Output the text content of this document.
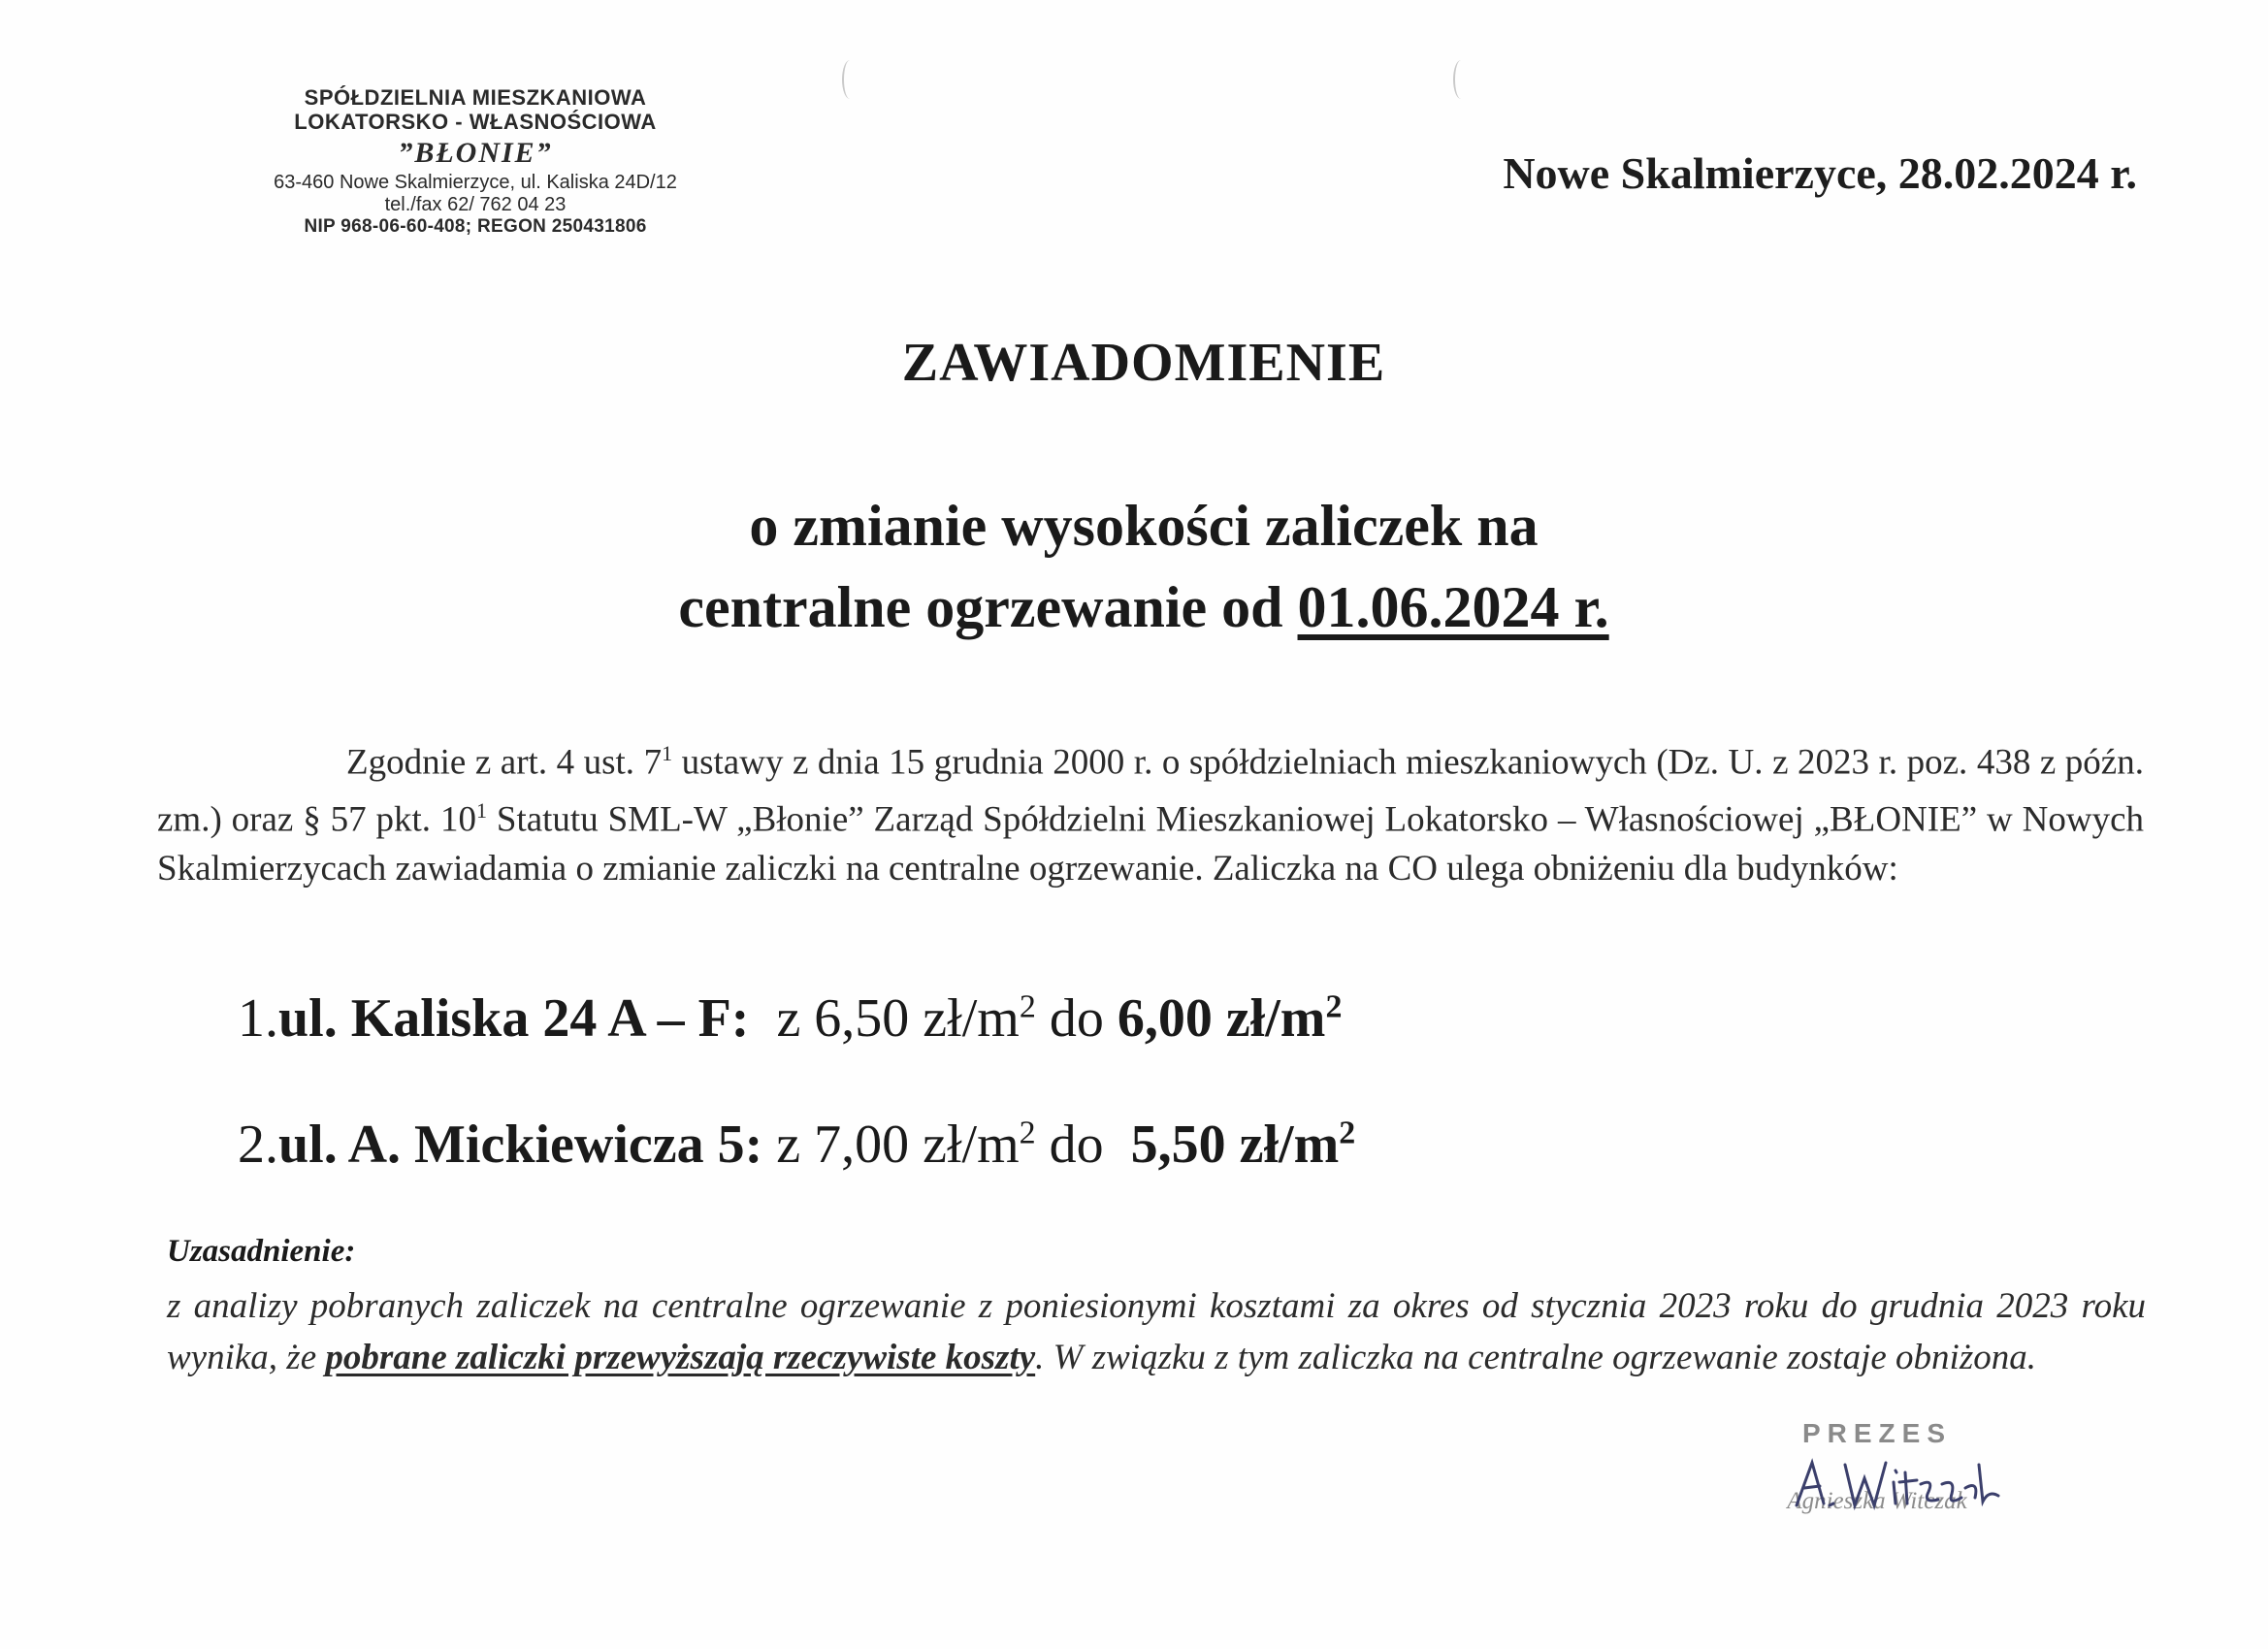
SPÓŁDZIELNIA MIESZKANIOWA
LOKATORSKO - WŁASNOŚCIOWA
”BŁONIE”
63-460 Nowe Skalmierzyce, ul. Kaliska 24D/12
tel./fax 62/ 762 04 23
NIP 968-06-60-408; REGON 250431806
Nowe Skalmierzyce, 28.02.2024 r.
ZAWIADOMIENIE
o zmianie wysokości zaliczek na
centralne ogrzewanie od 01.06.2024 r.
Zgodnie z art. 4 ust. $7^1$ ustawy z dnia 15 grudnia 2000 r. o spółdzielniach mieszkaniowych (Dz. U. z 2023 r. poz. 438 z późn. zm.) oraz § 57 pkt. $10^1$ Statutu SML-W „Błonie” Zarząd Spółdzielni Mieszkaniowej Lokatorsko – Własnościowej „BŁONIE” w Nowych Skalmierzycach zawiadamia o zmianie zaliczki na centralne ogrzewanie. Zaliczka na CO ulega obniżeniu dla budynków:
1.ul. Kaliska 24 A – F: z 6,50 $zł/m^2$ do 6,00 $zł/m^2$
2.ul. A. Mickiewicza 5: z 7,00 $zł/m^2$ do 5,50 $zł/m^2$
Uzasadnienie:
z analizy pobranych zaliczek na centralne ogrzewanie z poniesionymi kosztami za okres od stycznia 2023 roku do grudnia 2023 roku wynika, że pobrane zaliczki przewyższają rzeczywiste koszty. W związku z tym zaliczka na centralne ogrzewanie zostaje obniżona.
PREZES
Agnieszka Witczak
